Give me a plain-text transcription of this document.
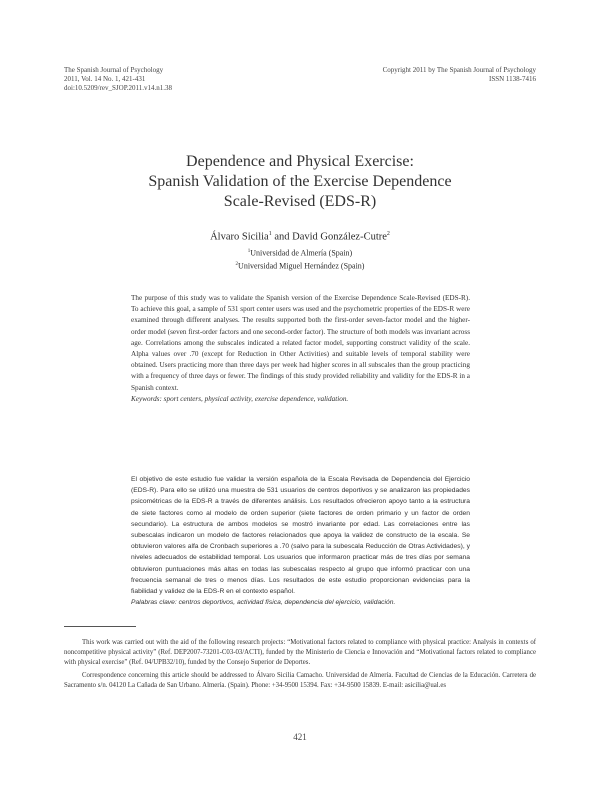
The Spanish Journal of Psychology
2011, Vol. 14 No. 1, 421-431
doi:10.5209/rev_SJOP.2011.v14.n1.38
Copyright 2011 by The Spanish Journal of Psychology
ISSN 1138-7416
Dependence and Physical Exercise:
Spanish Validation of the Exercise Dependence
Scale-Revised (EDS-R)
Álvaro Sicilia$^1$ and David González-Cutre$^2$
$^1$Universidad de Almería (Spain)
$^2$Universidad Miguel Hernández (Spain)
The purpose of this study was to validate the Spanish version of the Exercise Dependence Scale-Revised (EDS-R). To achieve this goal, a sample of 531 sport center users was used and the psychometric properties of the EDS-R were examined through different analyses. The results supported both the first-order seven-factor model and the higher-order model (seven first-order factors and one second-order factor). The structure of both models was invariant across age. Correlations among the subscales indicated a related factor model, supporting construct validity of the scale. Alpha values over .70 (except for Reduction in Other Activities) and suitable levels of temporal stability were obtained. Users practicing more than three days per week had higher scores in all subscales than the group practicing with a frequency of three days or fewer. The findings of this study provided reliability and validity for the EDS-R in a Spanish context.
Keywords: sport centers, physical activity, exercise dependence, validation.
El objetivo de este estudio fue validar la versión española de la Escala Revisada de Dependencia del Ejercicio (EDS-R). Para ello se utilizó una muestra de 531 usuarios de centros deportivos y se analizaron las propiedades psicométricas de la EDS-R a través de diferentes análisis. Los resultados ofrecieron apoyo tanto a la estructura de siete factores como al modelo de orden superior (siete factores de orden primario y un factor de orden secundario). La estructura de ambos modelos se mostró invariante por edad. Las correlaciones entre las subescalas indicaron un modelo de factores relacionados que apoya la validez de constructo de la escala. Se obtuvieron valores alfa de Cronbach superiores a .70 (salvo para la subescala Reducción de Otras Actividades), y niveles adecuados de estabilidad temporal. Los usuarios que informaron practicar más de tres días por semana obtuvieron puntuaciones más altas en todas las subescalas respecto al grupo que informó practicar con una frecuencia semanal de tres o menos días. Los resultados de este estudio proporcionan evidencias para la fiabilidad y validez de la EDS-R en el contexto español.
Palabras clave: centros deportivos, actividad física, dependencia del ejercicio, validación.

This work was carried out with the aid of the following research projects: “Motivational factors related to compliance with physical practice: Analysis in contexts of noncompetitive physical activity” (Ref. DEP2007-73201-C03-03/ACTI), funded by the Ministerio de Ciencia e Innovación and “Motivational factors related to compliance with physical exercise” (Ref. 04/UPB32/10), funded by the Consejo Superior de Deportes.

Correspondence concerning this article should be addressed to Álvaro Sicilia Camacho. Universidad de Almería. Facultad de Ciencias de la Educación. Carretera de Sacramento s/n. 04120 La Cañada de San Urbano. Almería. (Spain). Phone: +34-9500 15394. Fax: +34-9500 15839. E-mail: asicilia@ual.es

421
